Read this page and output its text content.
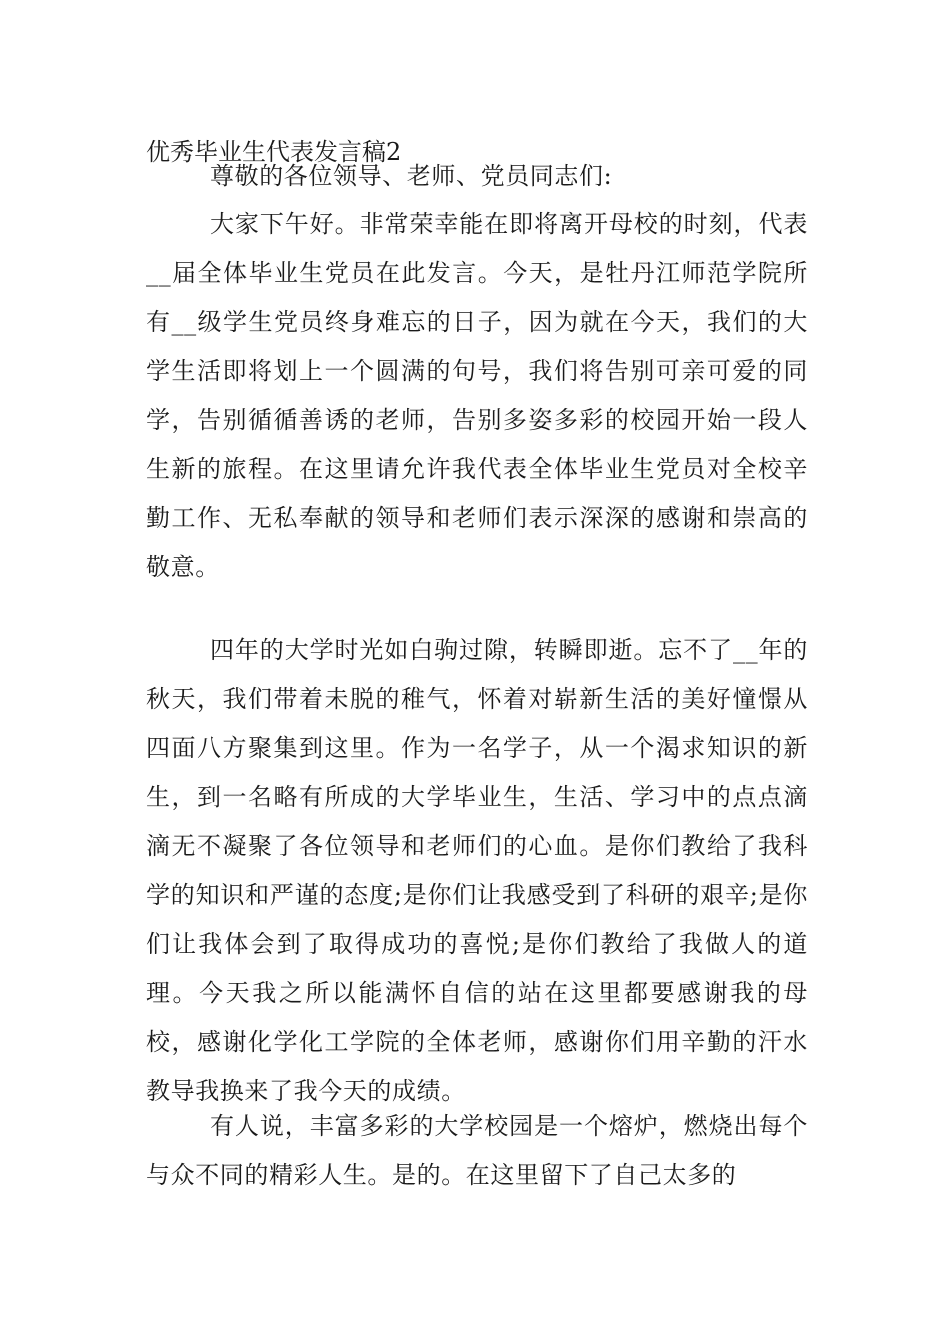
优秀毕业生代表发言稿2

尊敬的各位领导、老师、党员同志们:

大家下午好。非常荣幸能在即将离开母校的时刻，代表__届全体毕业生党员在此发言。今天，是牡丹江师范学院所有__级学生党员终身难忘的日子，因为就在今天，我们的大学生活即将划上一个圆满的句号，我们将告别可亲可爱的同学，告别循循善诱的老师，告别多姿多彩的校园开始一段人生新的旅程。在这里请允许我代表全体毕业生党员对全校辛勤工作、无私奉献的领导和老师们表示深深的感谢和崇高的敬意。

四年的大学时光如白驹过隙，转瞬即逝。忘不了__年的秋天，我们带着未脱的稚气，怀着对崭新生活的美好憧憬从四面八方聚集到这里。作为一名学子，从一个渴求知识的新生，到一名略有所成的大学毕业生，生活、学习中的点点滴滴无不凝聚了各位领导和老师们的心血。是你们教给了我科学的知识和严谨的态度;是你们让我感受到了科研的艰辛;是你们让我体会到了取得成功的喜悦;是你们教给了我做人的道理。今天我之所以能满怀自信的站在这里都要感谢我的母校，感谢化学化工学院的全体老师，感谢你们用辛勤的汗水教导我换来了我今天的成绩。

有人说，丰富多彩的大学校园是一个熔炉，燃烧出每个与众不同的精彩人生。是的。在这里留下了自己太多的
